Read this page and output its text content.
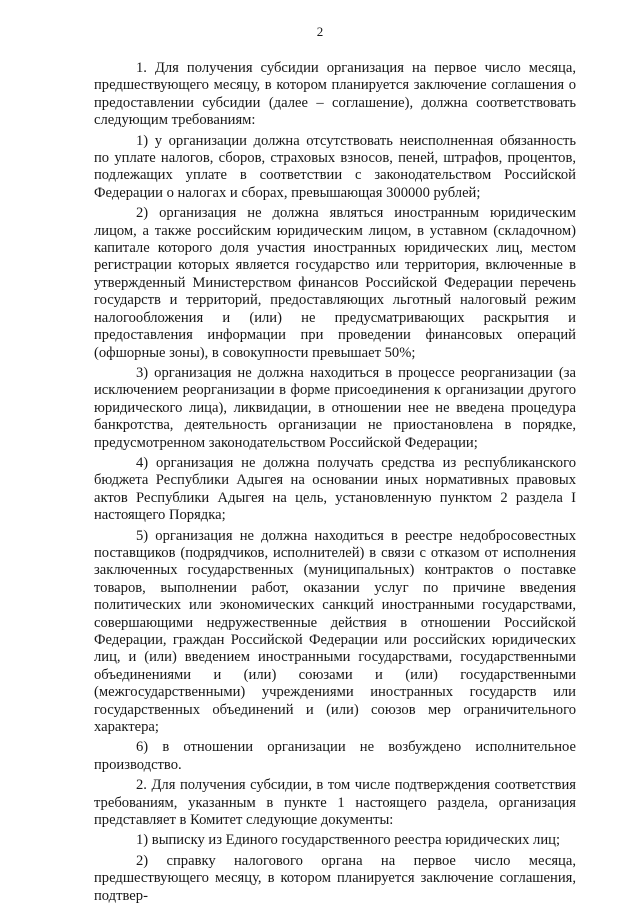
2

1. Для получения субсидии организация на первое число месяца, предшествующего месяцу, в котором планируется заключение соглашения о предоставлении субсидии (далее – соглашение), должна соответствовать следующим требованиям:

1) у организации должна отсутствовать неисполненная обязанность по уплате налогов, сборов, страховых взносов, пеней, штрафов, процентов, подлежащих уплате в соответствии с законодательством Российской Федерации о налогах и сборах, превышающая 300000 рублей;

2) организация не должна являться иностранным юридическим лицом, а также российским юридическим лицом, в уставном (складочном) капитале которого доля участия иностранных юридических лиц, местом регистрации которых является государство или территория, включенные в утвержденный Министерством финансов Российской Федерации перечень государств и территорий, предоставляющих льготный налоговый режим налогообложения и (или) не предусматривающих раскрытия и предоставления информации при проведении финансовых операций (офшорные зоны), в совокупности превышает 50%;

3) организация не должна находиться в процессе реорганизации (за исключением реорганизации в форме присоединения к организации другого юридического лица), ликвидации, в отношении нее не введена процедура банкротства, деятельность организации не приостановлена в порядке, предусмотренном законодательством Российской Федерации;

4) организация не должна получать средства из республиканского бюджета Республики Адыгея на основании иных нормативных правовых актов Республики Адыгея на цель, установленную пунктом 2 раздела I настоящего Порядка;

5) организация не должна находиться в реестре недобросовестных поставщиков (подрядчиков, исполнителей) в связи с отказом от исполнения заключенных государственных (муниципальных) контрактов о поставке товаров, выполнении работ, оказании услуг по причине введения политических или экономических санкций иностранными государствами, совершающими недружественные действия в отношении Российской Федерации, граждан Российской Федерации или российских юридических лиц, и (или) введением иностранными государствами, государственными объединениями и (или) союзами и (или) государственными (межгосударственными) учреждениями иностранных государств или государственных объединений и (или) союзов мер ограничительного характера;

6) в отношении организации не возбуждено исполнительное производство.

2. Для получения субсидии, в том числе подтверждения соответствия требованиям, указанным в пункте 1 настоящего раздела, организация представляет в Комитет следующие документы:

1) выписку из Единого государственного реестра юридических лиц;

2) справку налогового органа на первое число месяца, предшествующего месяцу, в котором планируется заключение соглашения, подтвер-
